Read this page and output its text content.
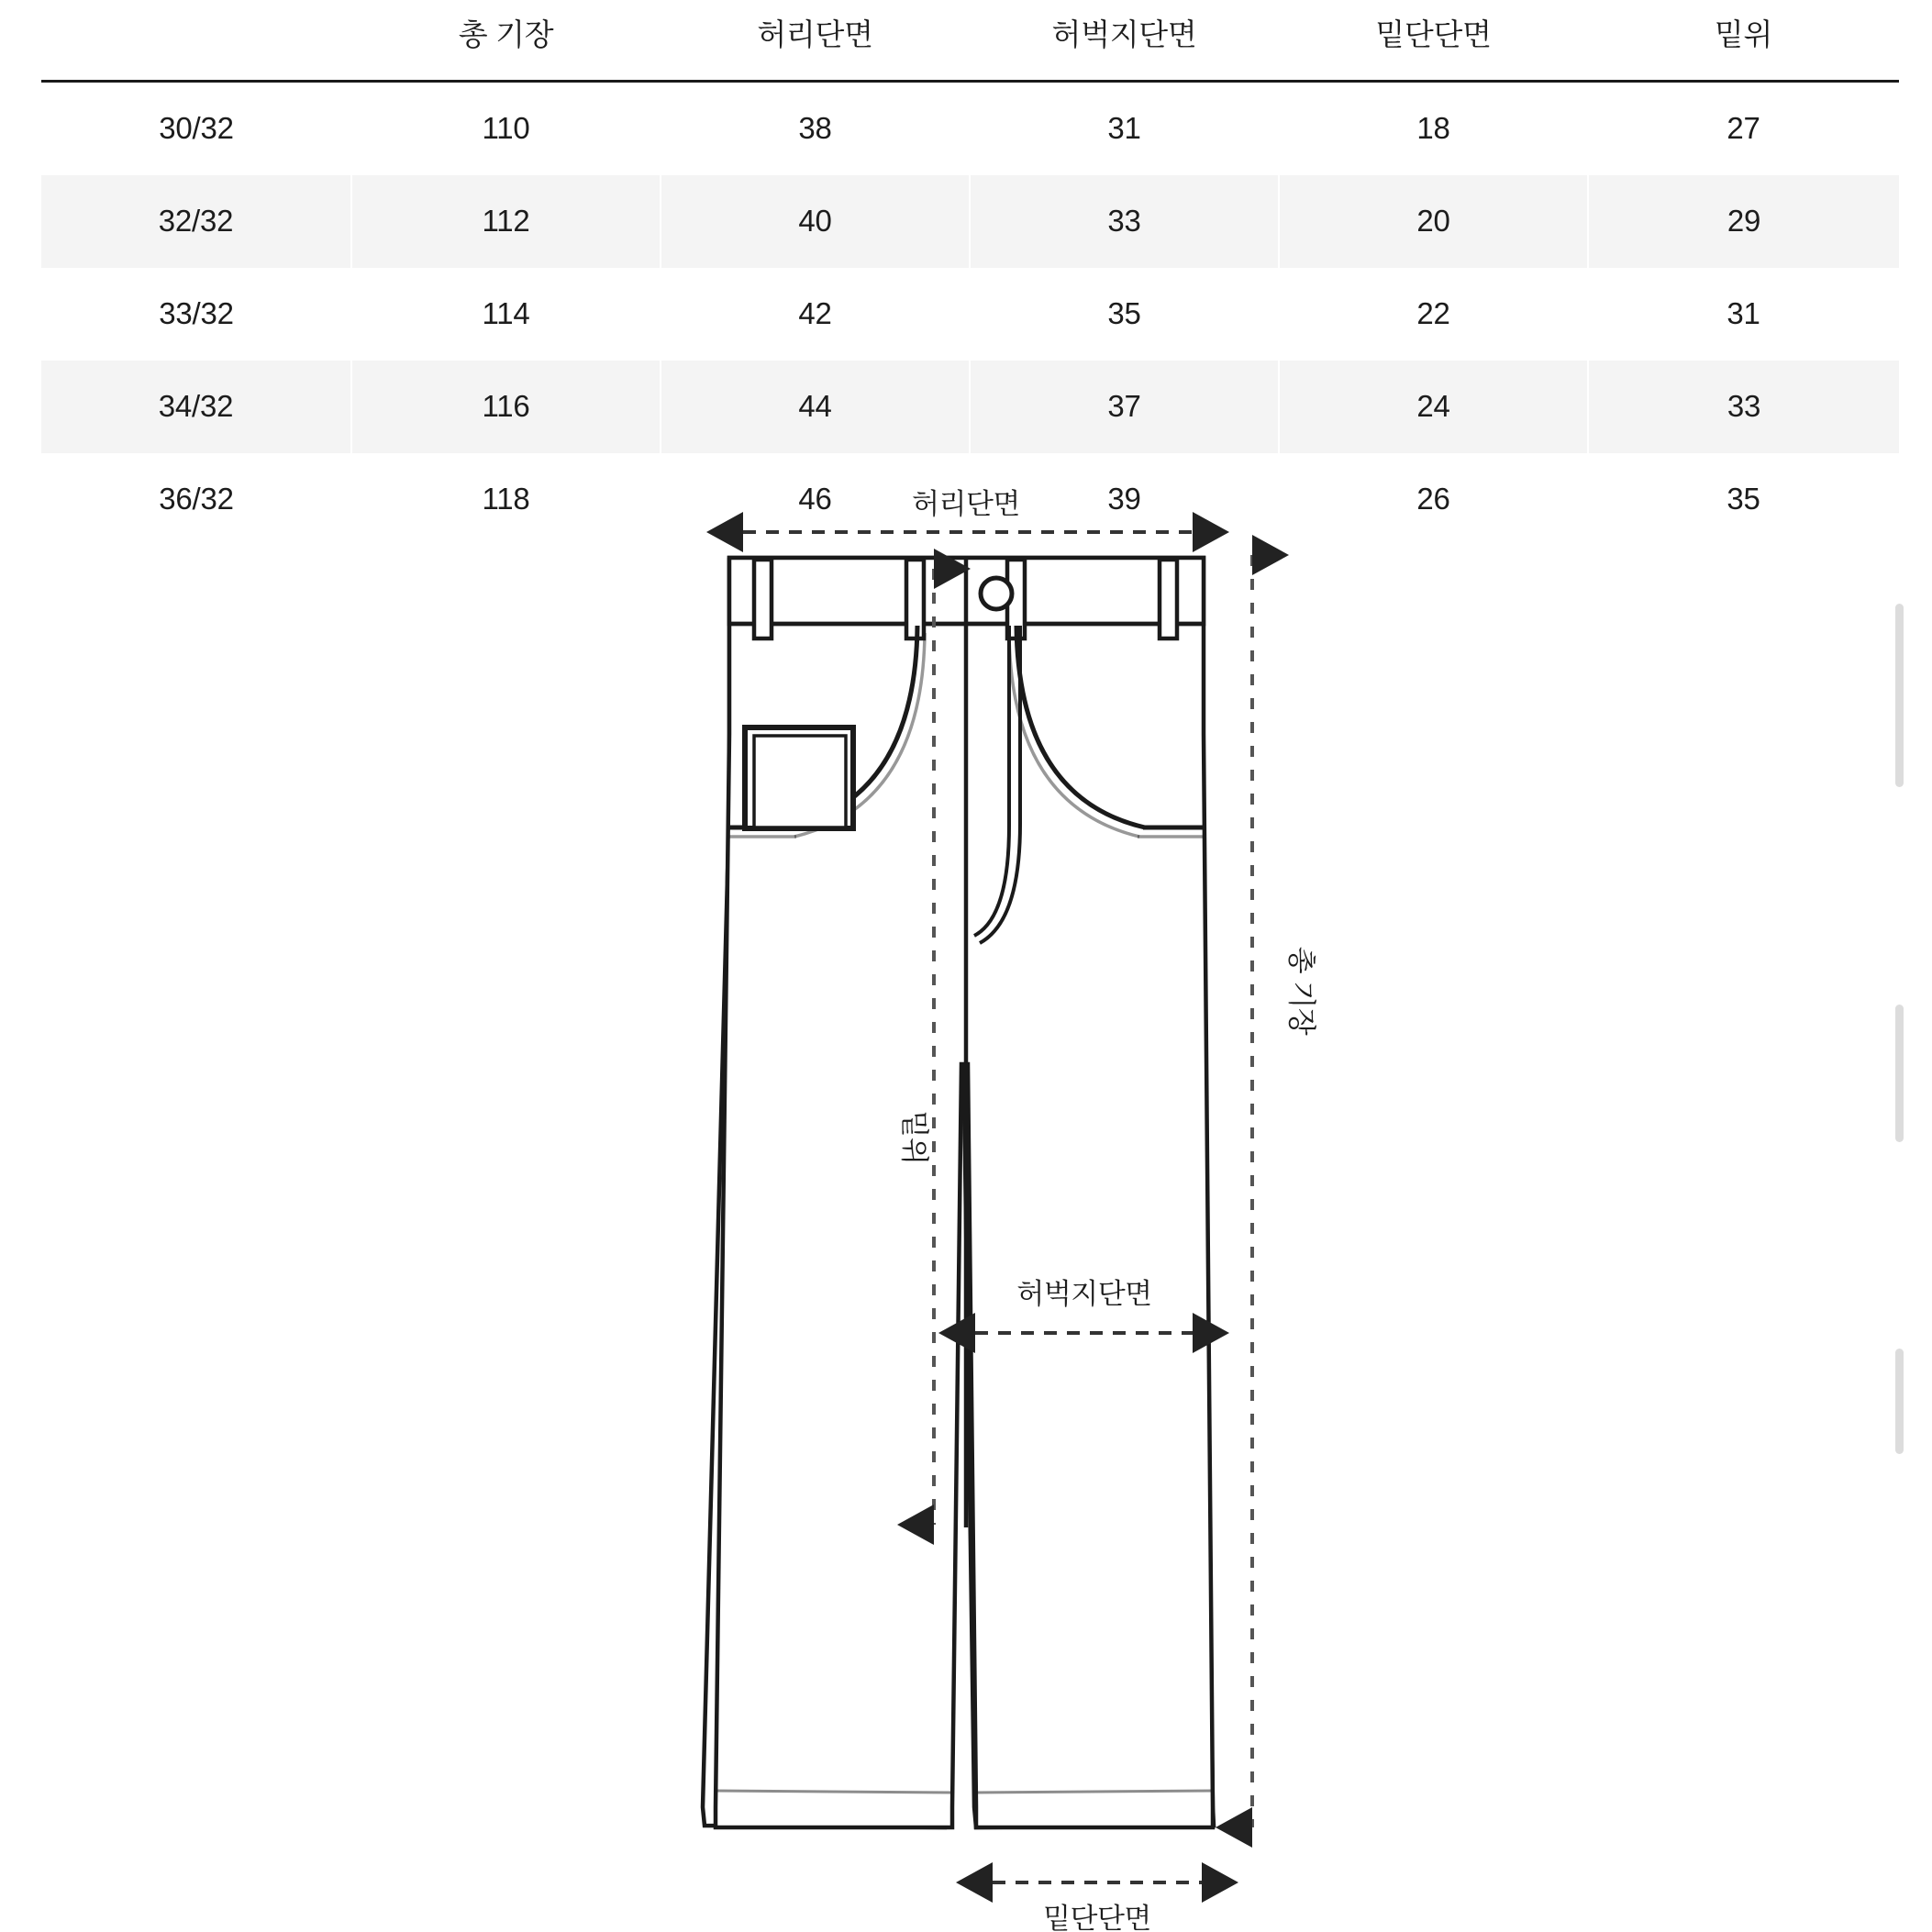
	총 기장	허리단면	허벅지단면	밑단단면	밑위
30/32	110	38	31	18	27
32/32	112	40	33	20	29
33/32	114	42	35	22	31
34/32	116	44	37	24	33
36/32	118	46	39	26	35
허리단면
밑위
허벅지단면
총 기장
밑단단면
